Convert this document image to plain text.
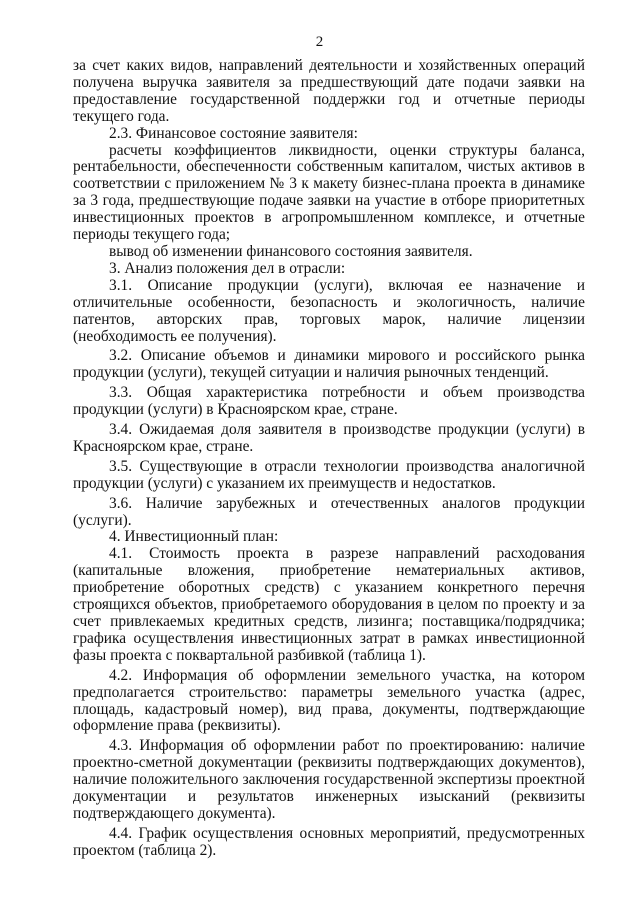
2

за счет каких видов, направлений деятельности и хозяйственных операций получена выручка заявителя за предшествующий дате подачи заявки на предоставление государственной поддержки год и отчетные периоды текущего года.

2.3. Финансовое состояние заявителя:

расчеты коэффициентов ликвидности, оценки структуры баланса, рентабельности, обеспеченности собственным капиталом, чистых активов в соответствии с приложением № 3 к макету бизнес-плана проекта в динамике за 3 года, предшествующие подаче заявки на участие в отборе приоритетных инвестиционных проектов в агропромышленном комплексе, и отчетные периоды текущего года;

вывод об изменении финансового состояния заявителя.

3. Анализ положения дел в отрасли:

3.1. Описание продукции (услуги), включая ее назначение и отличительные особенности, безопасность и экологичность, наличие патентов, авторских прав, торговых марок, наличие лицензии (необходимость ее получения).

3.2. Описание объемов и динамики мирового и российского рынка продукции (услуги), текущей ситуации и наличия рыночных тенденций.

3.3. Общая характеристика потребности и объем производства продукции (услуги) в Красноярском крае, стране.

3.4. Ожидаемая доля заявителя в производстве продукции (услуги) в Красноярском крае, стране.

3.5. Существующие в отрасли технологии производства аналогичной продукции (услуги) с указанием их преимуществ и недостатков.

3.6. Наличие зарубежных и отечественных аналогов продукции (услуги).

4. Инвестиционный план:

4.1. Стоимость проекта в разрезе направлений расходования (капитальные вложения, приобретение нематериальных активов, приобретение оборотных средств) с указанием конкретного перечня строящихся объектов, приобретаемого оборудования в целом по проекту и за счет привлекаемых кредитных средств, лизинга; поставщика/подрядчика; графика осуществления инвестиционных затрат в рамках инвестиционной фазы проекта с поквартальной разбивкой (таблица 1).

4.2. Информация об оформлении земельного участка, на котором предполагается строительство: параметры земельного участка (адрес, площадь, кадастровый номер), вид права, документы, подтверждающие оформление права (реквизиты).

4.3. Информация об оформлении работ по проектированию: наличие проектно-сметной документации (реквизиты подтверждающих документов), наличие положительного заключения государственной экспертизы проектной документации и результатов инженерных изысканий (реквизиты подтверждающего документа).

4.4. График осуществления основных мероприятий, предусмотренных проектом (таблица 2).
